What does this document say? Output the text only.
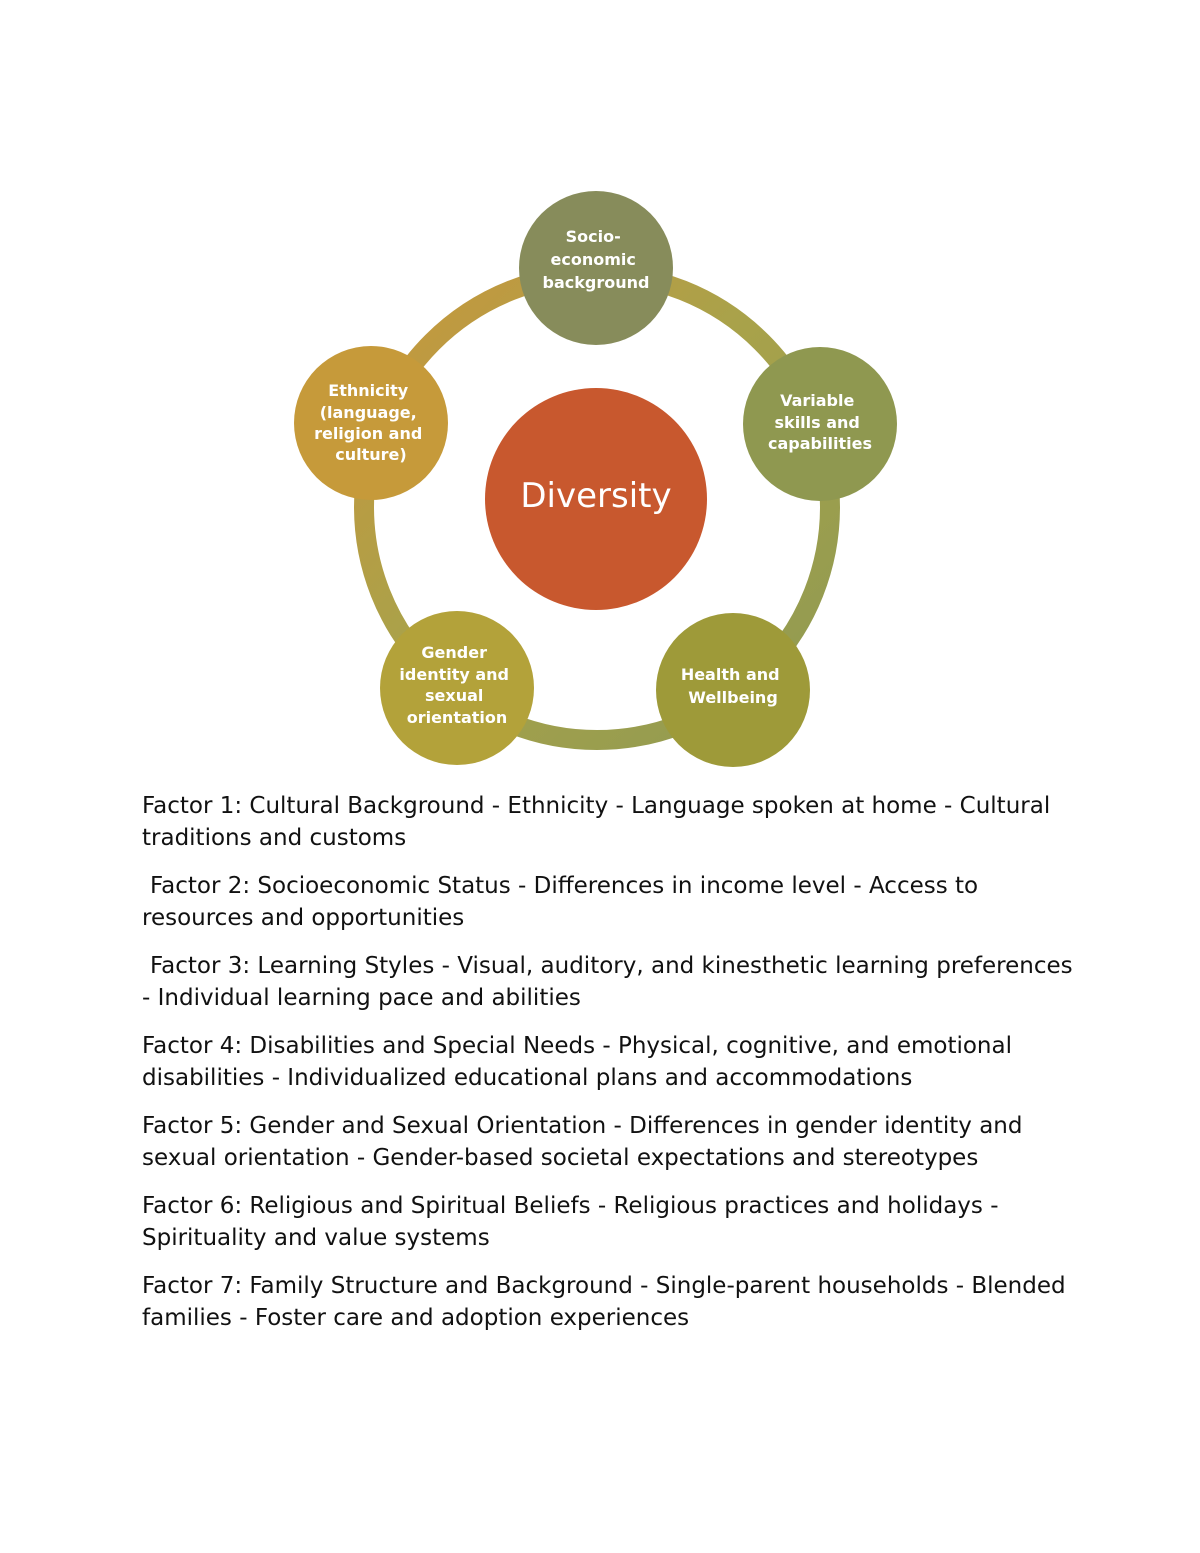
Diversity
Socio- economic background
Variable skills and capabilities
Health and Wellbeing
Gender identity and sexual orientation
Ethnicity (language, religion and culture)

Factor 1: Cultural Background - Ethnicity - Language spoken at home - Cultural traditions and customs

Factor 2: Socioeconomic Status - Differences in income level - Access to resources and opportunities

Factor 3: Learning Styles - Visual, auditory, and kinesthetic learning preferences - Individual learning pace and abilities

Factor 4: Disabilities and Special Needs - Physical, cognitive, and emotional disabilities - Individualized educational plans and accommodations

Factor 5: Gender and Sexual Orientation - Differences in gender identity and sexual orientation - Gender-based societal expectations and stereotypes

Factor 6: Religious and Spiritual Beliefs - Religious practices and holidays - Spirituality and value systems

Factor 7: Family Structure and Background - Single-parent households - Blended families - Foster care and adoption experiences
